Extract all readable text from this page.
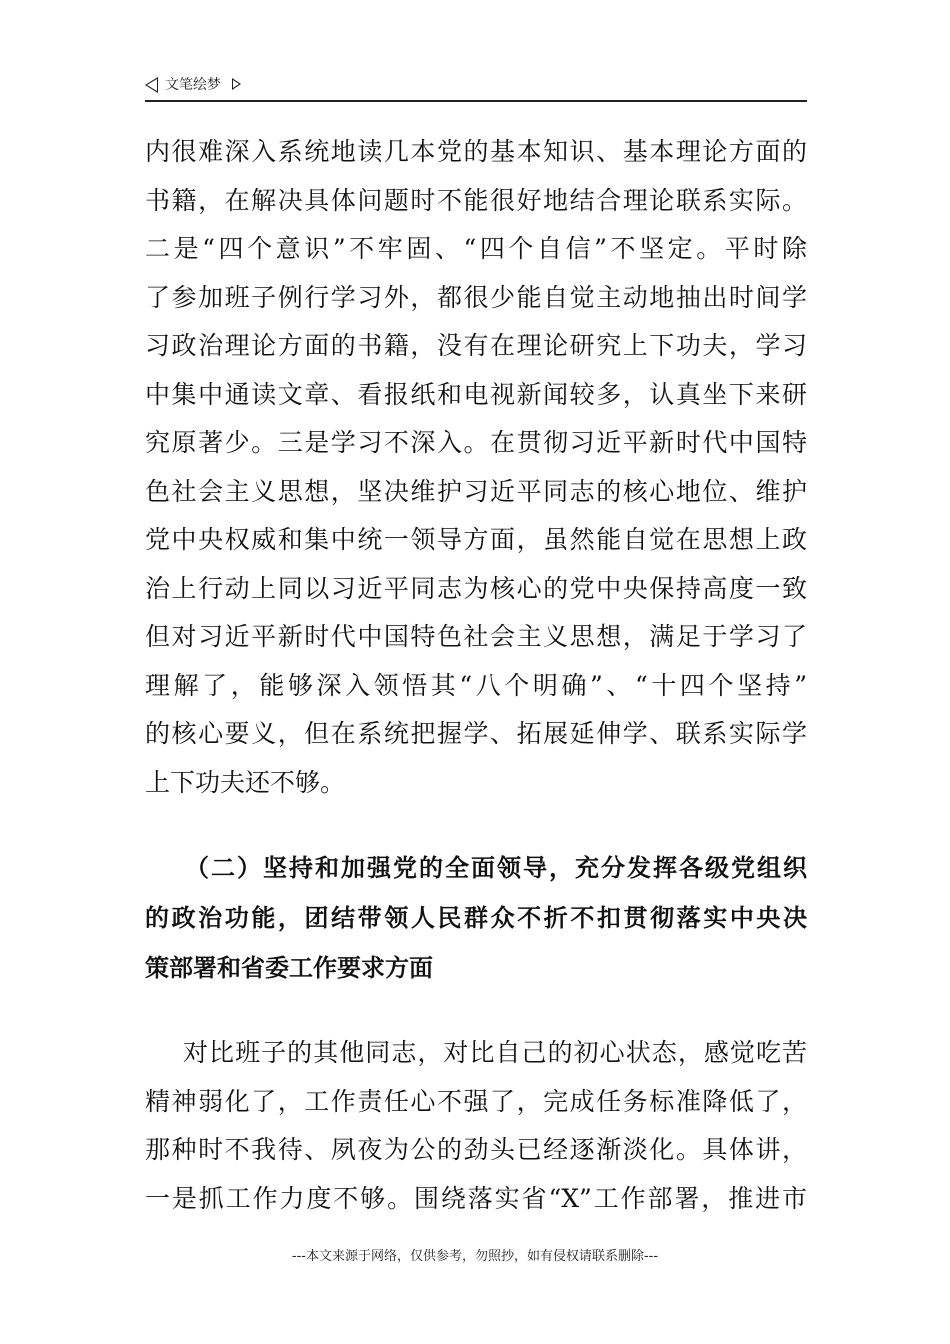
文笔绘梦
内很难深入系统地读几本党的基本知识、基本理论方面的
书籍，在解决具体问题时不能很好地结合理论联系实际。
二是“四个意识”不牢固、“四个自信”不坚定。平时除
了参加班子例行学习外，都很少能自觉主动地抽出时间学
习政治理论方面的书籍，没有在理论研究上下功夫，学习
中集中通读文章、看报纸和电视新闻较多，认真坐下来研
究原著少。三是学习不深入。在贯彻习近平新时代中国特
色社会主义思想，坚决维护习近平同志的核心地位、维护
党中央权威和集中统一领导方面，虽然能自觉在思想上政
治上行动上同以习近平同志为核心的党中央保持高度一致
但对习近平新时代中国特色社会主义思想，满足于学习了
理解了，能够深入领悟其“八个明确”、“十四个坚持”
的核心要义，但在系统把握学、拓展延伸学、联系实际学
上下功夫还不够。
（二）坚持和加强党的全面领导，充分发挥各级党组织
的政治功能，团结带领人民群众不折不扣贯彻落实中央决
策部署和省委工作要求方面
对比班子的其他同志，对比自己的初心状态，感觉吃苦
精神弱化了，工作责任心不强了，完成任务标准降低了，
那种时不我待、夙夜为公的劲头已经逐渐淡化。具体讲，
一是抓工作力度不够。围绕落实省“X”工作部署，推进市
---本文来源于网络，仅供参考，勿照抄，如有侵权请联系删除---
